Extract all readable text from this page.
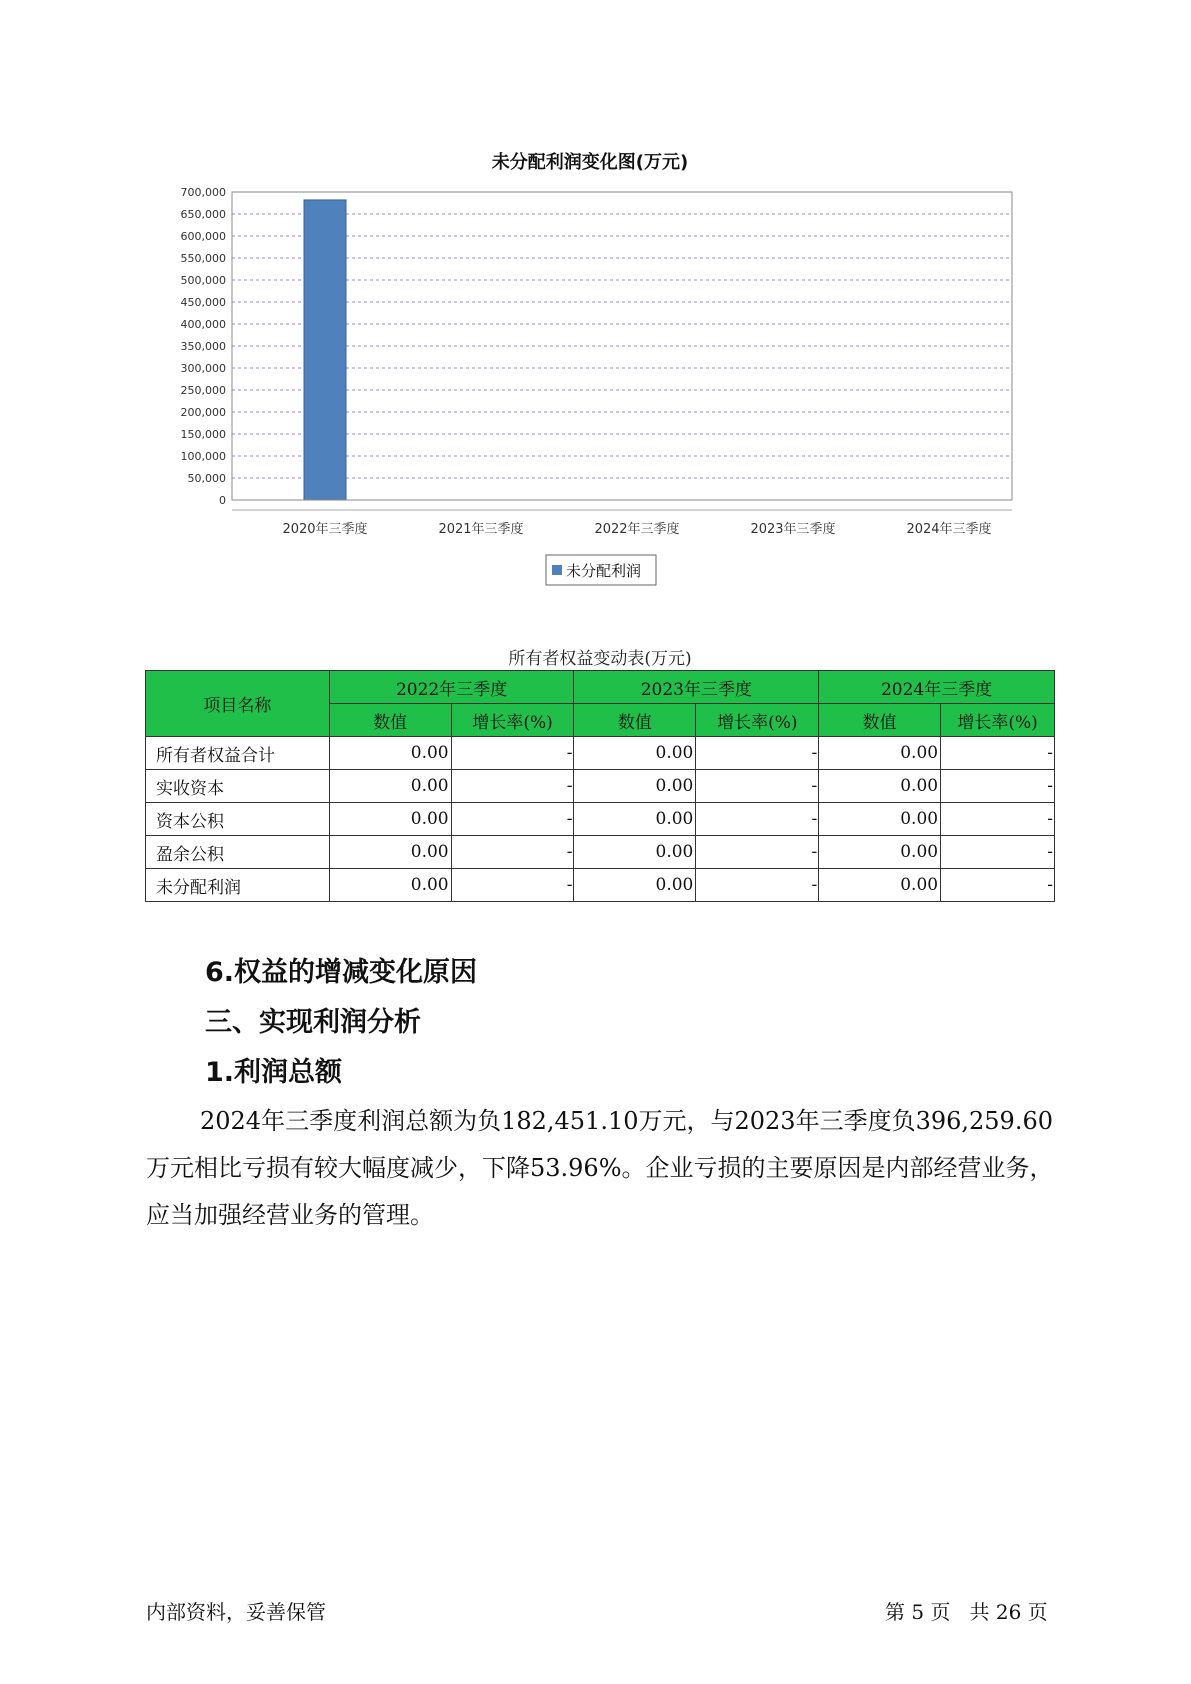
未分配利润变化图(万元)
0
50,000
100,000
150,000
200,000
250,000
300,000
350,000
400,000
450,000
500,000
550,000
600,000
650,000
700,000
2020年三季度	2021年三季度	2022年三季度	2023年三季度	2024年三季度
未分配利润
所有者权益变动表(万元)
项目名称	2022年三季度		2023年三季度		2024年三季度	
	数值	增长率(%)	数值	增长率(%)	数值	增长率(%)
所有者权益合计	0.00	-	0.00	-	0.00	-
实收资本	0.00	-	0.00	-	0.00	-
资本公积	0.00	-	0.00	-	0.00	-
盈余公积	0.00	-	0.00	-	0.00	-
未分配利润	0.00	-	0.00	-	0.00	-
6.权益的增减变化原因
三、实现利润分析
1.利润总额

2024年三季度利润总额为负182,451.10万元，与2023年三季度负396,259.60万元相比亏损有较大幅度减少，下降53.96%。企业亏损的主要原因是内部经营业务，应当加强经营业务的管理。

内部资料，妥善保管	第 5 页   共 26 页
